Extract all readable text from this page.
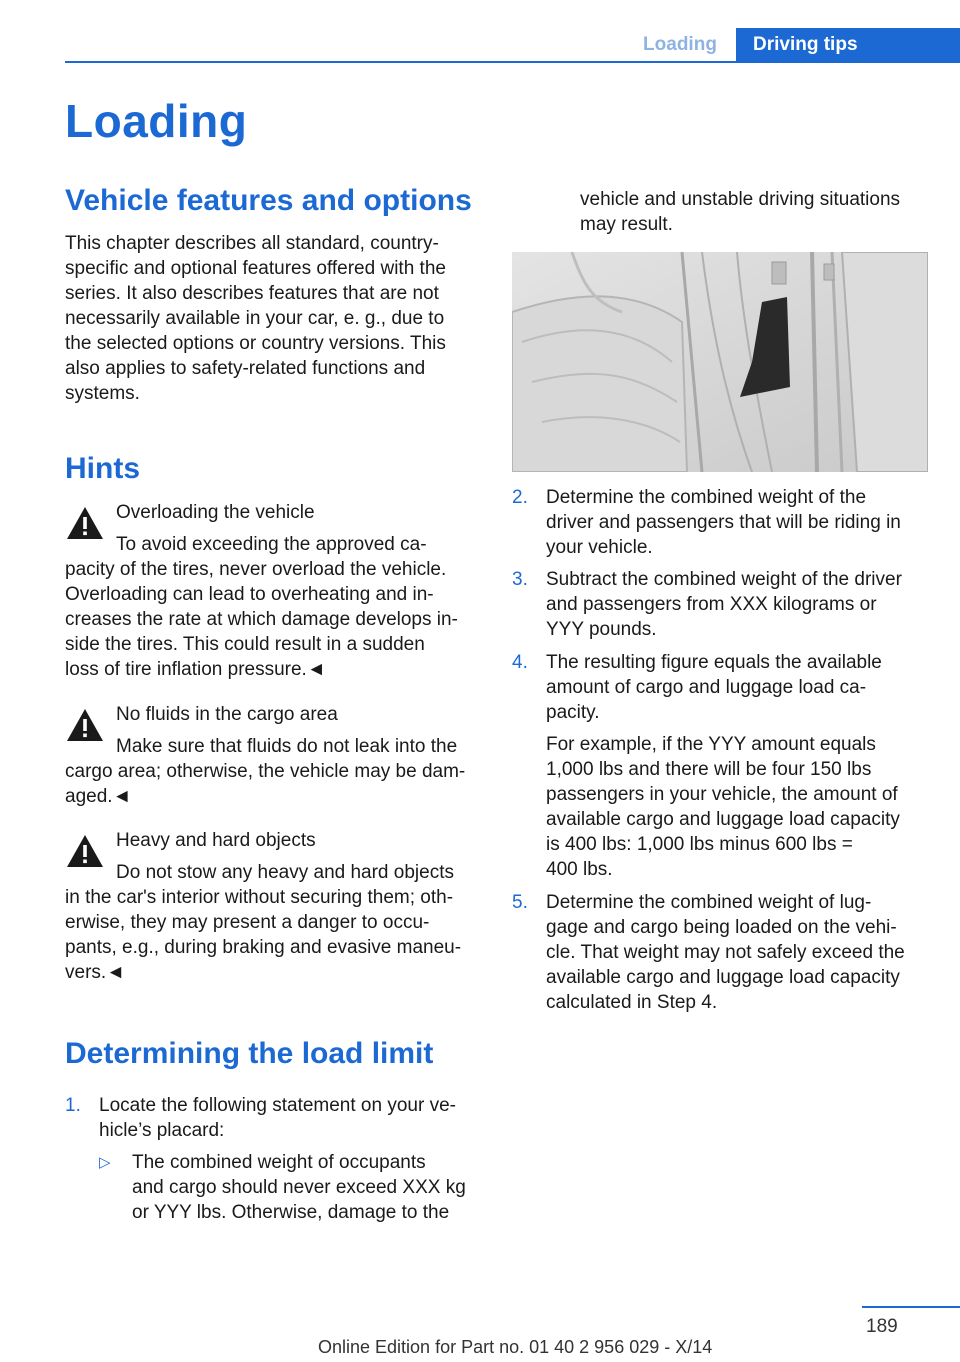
Loading	Driving tips
Loading
Vehicle features and options
This chapter describes all standard, country-
specific and optional features offered with the
series. It also describes features that are not
necessarily available in your car, e. g., due to
the selected options or country versions. This
also applies to safety-related functions and
systems.
Hints
Overloading the vehicle
To avoid exceeding the approved ca-
pacity of the tires, never overload the vehicle.
Overloading can lead to overheating and in-
creases the rate at which damage develops in-
side the tires. This could result in a sudden
loss of tire inflation pressure.◄
No fluids in the cargo area
Make sure that fluids do not leak into the
cargo area; otherwise, the vehicle may be dam-
aged.◄
Heavy and hard objects
Do not stow any heavy and hard objects
in the car's interior without securing them; oth-
erwise, they may present a danger to occu-
pants, e.g., during braking and evasive maneu-
vers.◄
Determining the load limit
1. Locate the following statement on your ve-
hicle’s placard:
▷ The combined weight of occupants
and cargo should never exceed XXX kg
or YYY lbs. Otherwise, damage to the
vehicle and unstable driving situations
may result.
2. Determine the combined weight of the
driver and passengers that will be riding in
your vehicle.
3. Subtract the combined weight of the driver
and passengers from XXX kilograms or
YYY pounds.
4. The resulting figure equals the available
amount of cargo and luggage load ca-
pacity.
For example, if the YYY amount equals
1,000 lbs and there will be four 150 lbs
passengers in your vehicle, the amount of
available cargo and luggage load capacity
is 400 lbs: 1,000 lbs minus 600 lbs =
400 lbs.
5. Determine the combined weight of lug-
gage and cargo being loaded on the vehi-
cle. That weight may not safely exceed the
available cargo and luggage load capacity
calculated in Step 4.
189
Online Edition for Part no. 01 40 2 956 029 - X/14
